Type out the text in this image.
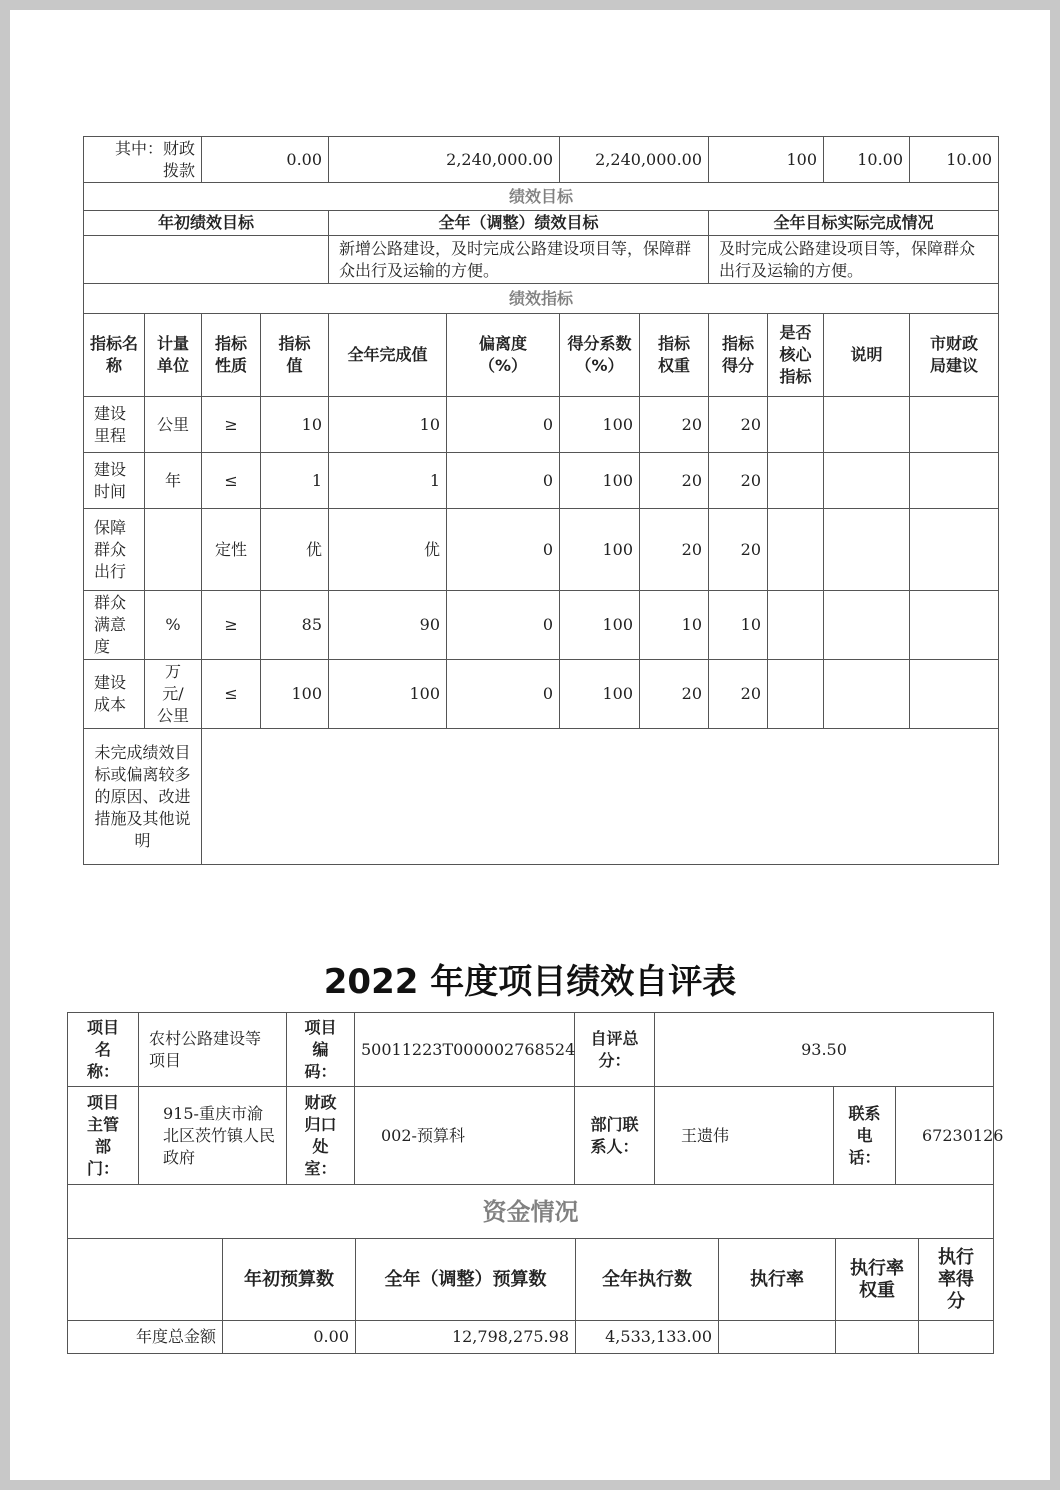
其中：财政拨款		0.00		2,240,000.00		2,240,000.00		100		10.00	10.00
绩效目标											
年初绩效目标				全年（调整）绩效目标				全年目标实际完成情况			
				新增公路建设，及时完成公路建设项目等，保障群众出行及运输的方便。				及时完成公路建设项目等，保障群众出行及运输的方便。			
绩效指标											
指标名称	计量单位	指标性质	指标值	全年完成值	偏离度（%）	得分系数（%）	指标权重	指标得分	是否核心指标	说明	市财政局建议
建设里程	公里	≥	10	10	0	100	20	20			
建设时间	年	≤	1	1	0	100	20	20			
保障群众出行		定性	优	优	0	100	20	20			
群众满意度	%	≥	85	90	0	100	10	10			
建设成本	万元/公里	≤	100	100	0	100	20	20			
未完成绩效目标或偏离较多的原因、改进措施及其他说明											
2022 年度项目绩效自评表
项目名称：	农村公路建设等项目	项目编码：	50011223T000002768524	自评总分：	93.50		
项目主管部门：	915-重庆市渝北区茨竹镇人民政府	财政归口处室：	002-预算科	部门联系人：	王遗伟	联系电话：	67230126
资金情况							
	年初预算数	全年（调整）预算数	全年执行数	执行率	执行率权重	执行率得分
年度总金额	0.00	12,798,275.98	4,533,133.00			
